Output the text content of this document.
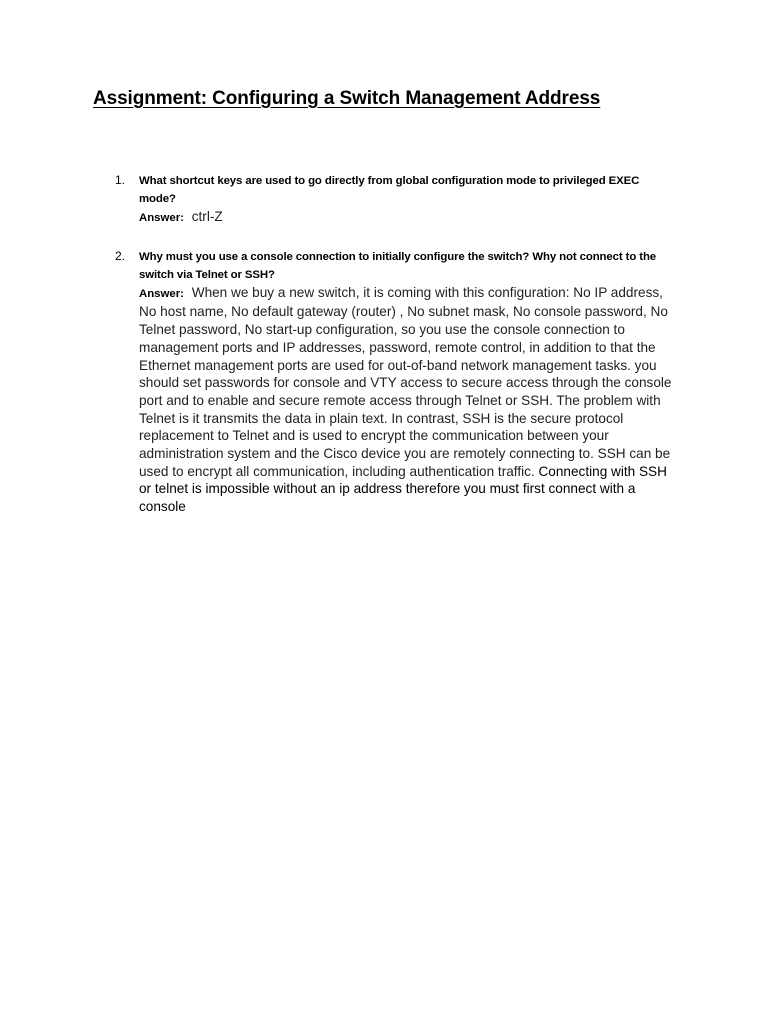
Assignment: Configuring a Switch Management Address
1. What shortcut keys are used to go directly from global configuration mode to privileged EXEC mode?
Answer: ctrl-Z
2. Why must you use a console connection to initially configure the switch? Why not connect to the switch via Telnet or SSH?
Answer: When we buy a new switch, it is coming with this configuration: No IP address, No host name, No default gateway (router) , No subnet mask, No console password, No Telnet password, No start-up configuration, so you use the console connection to management ports and IP addresses, password, remote control, in addition to that the Ethernet management ports are used for out-of-band network management tasks. you should set passwords for console and VTY access to secure access through the console port and to enable and secure remote access through Telnet or SSH. The problem with Telnet is it transmits the data in plain text. In contrast, SSH is the secure protocol replacement to Telnet and is used to encrypt the communication between your administration system and the Cisco device you are remotely connecting to. SSH can be used to encrypt all communication, including authentication traffic. Connecting with SSH or telnet is impossible without an ip address therefore you must first connect with a console
